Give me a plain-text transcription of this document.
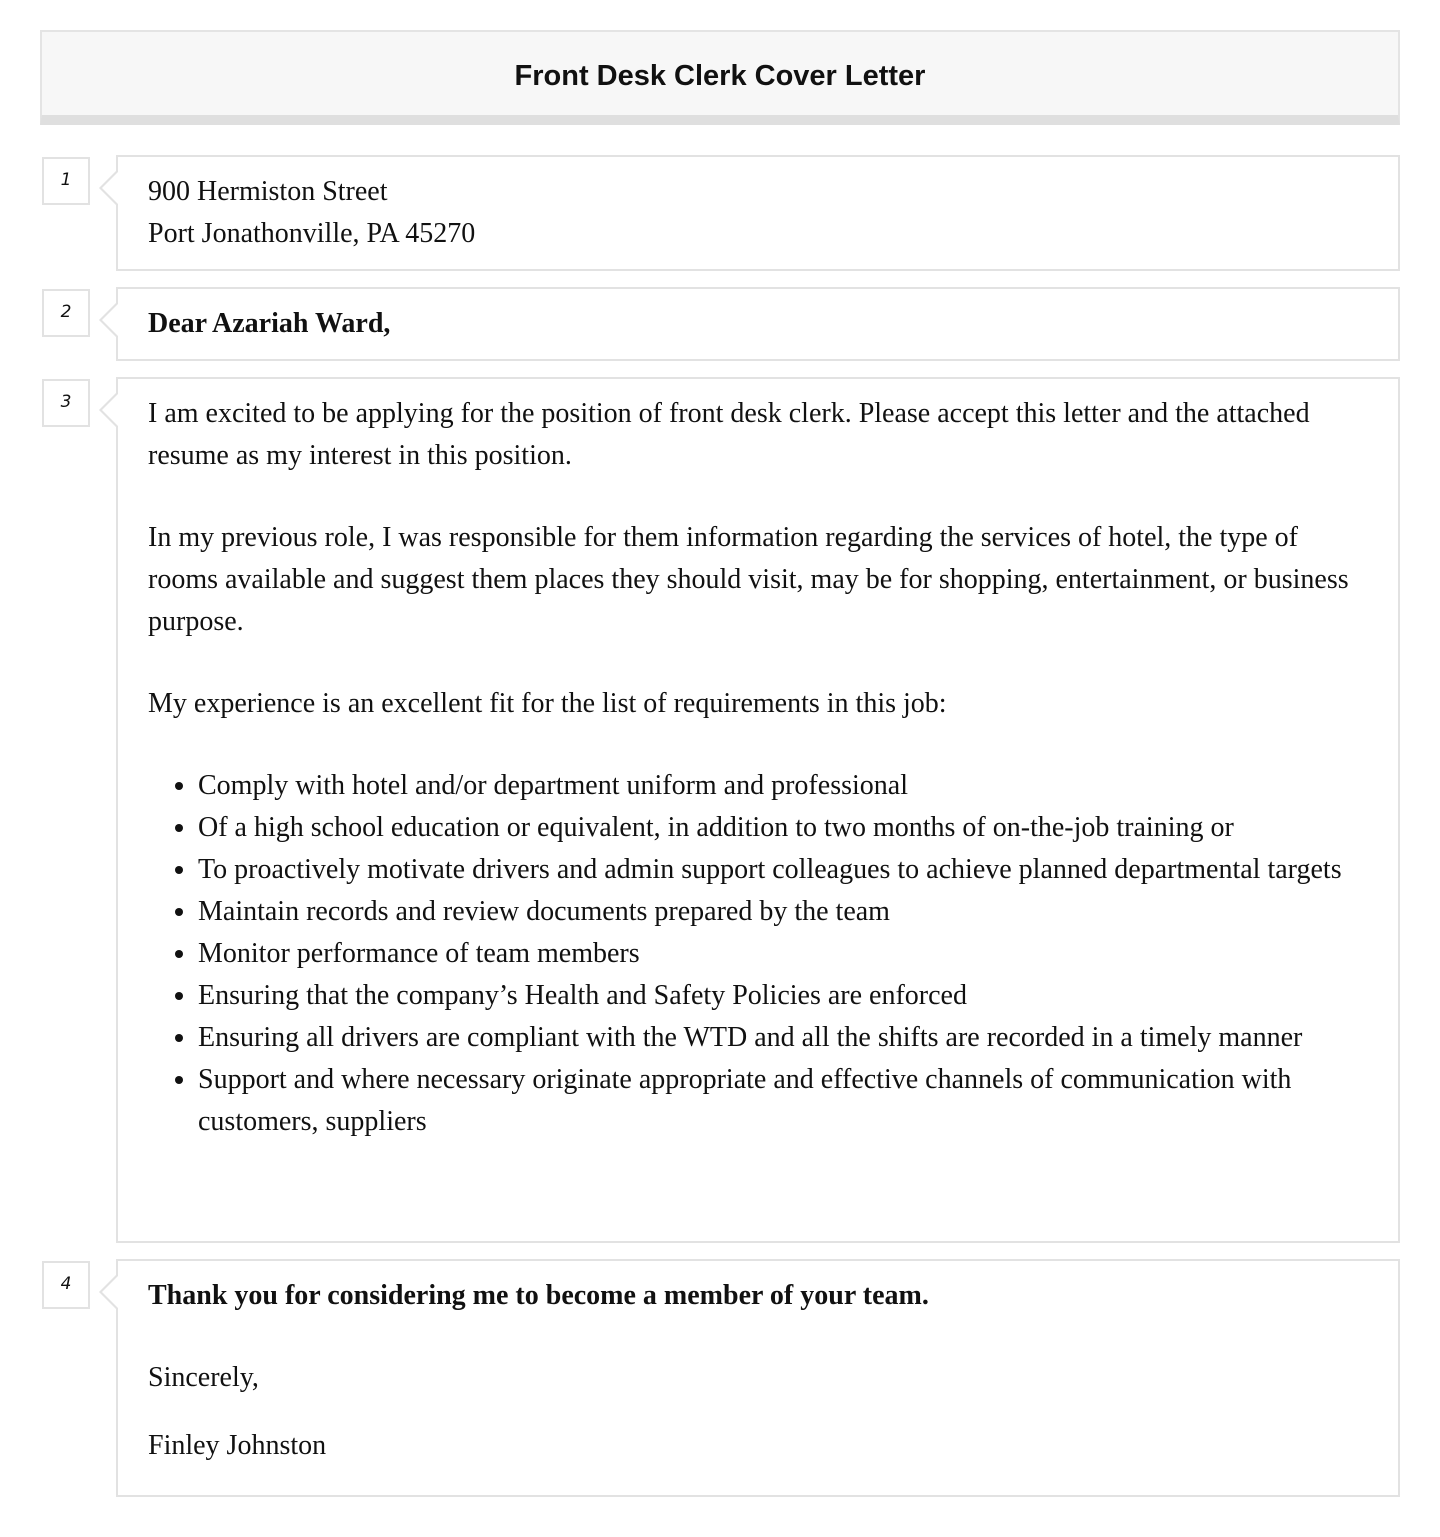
Front Desk Clerk Cover Letter
1	900 Hermiston Street

Port Jonathonville, PA 45270

2	Dear Azariah Ward,

3	I am excited to be applying for the position of front desk clerk. Please accept this letter and the attached resume as my interest in this position.

In my previous role, I was responsible for them information regarding the services of hotel, the type of rooms available and suggest them places they should visit, may be for shopping, entertainment, or business purpose.

My experience is an excellent fit for the list of requirements in this job:

• Comply with hotel and/or department uniform and professional
• Of a high school education or equivalent, in addition to two months of on-the-job training or
• To proactively motivate drivers and admin support colleagues to achieve planned departmental targets
• Maintain records and review documents prepared by the team
• Monitor performance of team members
• Ensuring that the company’s Health and Safety Policies are enforced
• Ensuring all drivers are compliant with the WTD and all the shifts are recorded in a timely manner
• Support and where necessary originate appropriate and effective channels of communication with customers, suppliers
4	Thank you for considering me to become a member of your team.

Sincerely,

Finley Johnston
